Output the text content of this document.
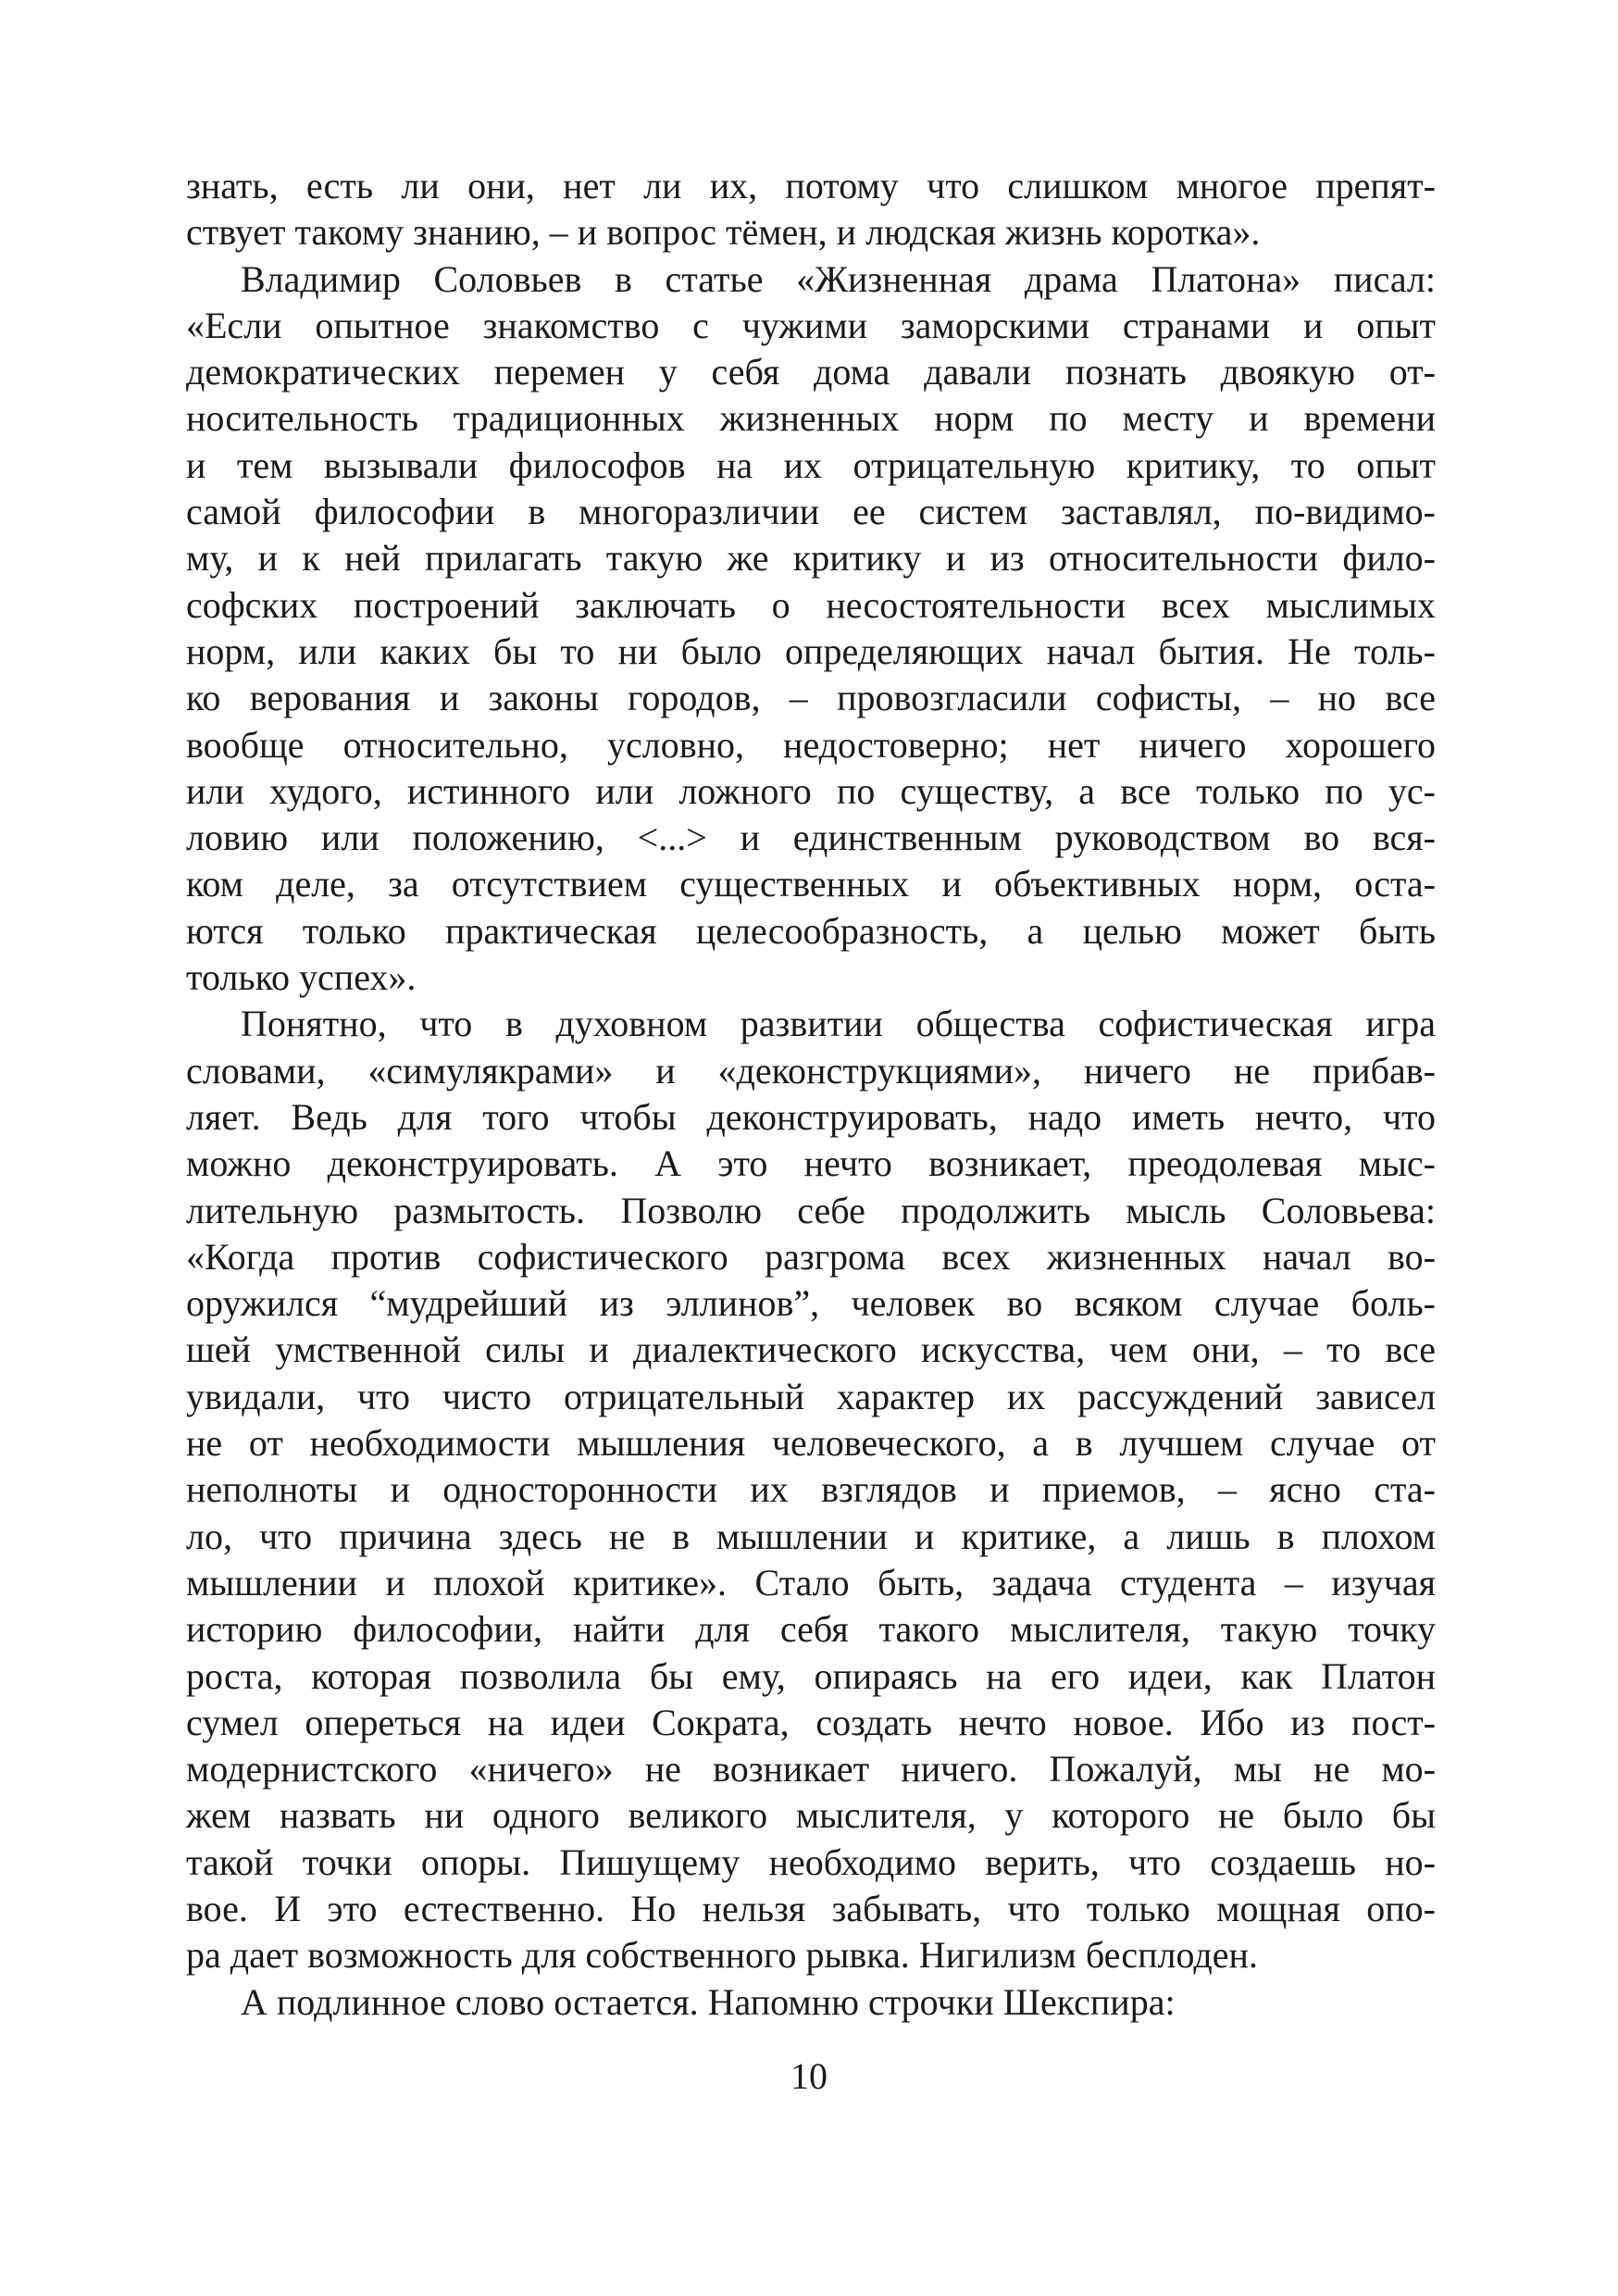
знать, есть ли они, нет ли их, потому что слишком многое препят-
ствует такому знанию, – и вопрос тёмен, и людская жизнь коротка».
Владимир Соловьев в статье «Жизненная драма Платона» писал:
«Если опытное знакомство с чужими заморскими странами и опыт
демократических перемен у себя дома давали познать двоякую от-
носительность традиционных жизненных норм по месту и времени
и тем вызывали философов на их отрицательную критику, то опыт
самой философии в многоразличии ее систем заставлял, по-видимо-
му, и к ней прилагать такую же критику и из относительности фило-
софских построений заключать о несостоятельности всех мыслимых
норм, или каких бы то ни было определяющих начал бытия. Не толь-
ко верования и законы городов, – провозгласили софисты, – но все
вообще относительно, условно, недостоверно; нет ничего хорошего
или худого, истинного или ложного по существу, а все только по ус-
ловию или положению, <...> и единственным руководством во вся-
ком деле, за отсутствием существенных и объективных норм, оста-
ются только практическая целесообразность, а целью может быть
только успех».
Понятно, что в духовном развитии общества софистическая игра
словами, «симулякрами» и «деконструкциями», ничего не прибав-
ляет. Ведь для того чтобы деконструировать, надо иметь нечто, что
можно деконструировать. А это нечто возникает, преодолевая мыс-
лительную размытость. Позволю себе продолжить мысль Соловьева:
«Когда против софистического разгрома всех жизненных начал во-
оружился “мудрейший из эллинов”, человек во всяком случае боль-
шей умственной силы и диалектического искусства, чем они, – то все
увидали, что чисто отрицательный характер их рассуждений зависел
не от необходимости мышления человеческого, а в лучшем случае от
неполноты и односторонности их взглядов и приемов, – ясно ста-
ло, что причина здесь не в мышлении и критике, а лишь в плохом
мышлении и плохой критике». Стало быть, задача студента – изучая
историю философии, найти для себя такого мыслителя, такую точку
роста, которая позволила бы ему, опираясь на его идеи, как Платон
сумел опереться на идеи Сократа, создать нечто новое. Ибо из пост-
модернистского «ничего» не возникает ничего. Пожалуй, мы не мо-
жем назвать ни одного великого мыслителя, у которого не было бы
такой точки опоры. Пишущему необходимо верить, что создаешь но-
вое. И это естественно. Но нельзя забывать, что только мощная опо-
ра дает возможность для собственного рывка. Нигилизм бесплоден.
А подлинное слово остается. Напомню строчки Шекспира:
10
